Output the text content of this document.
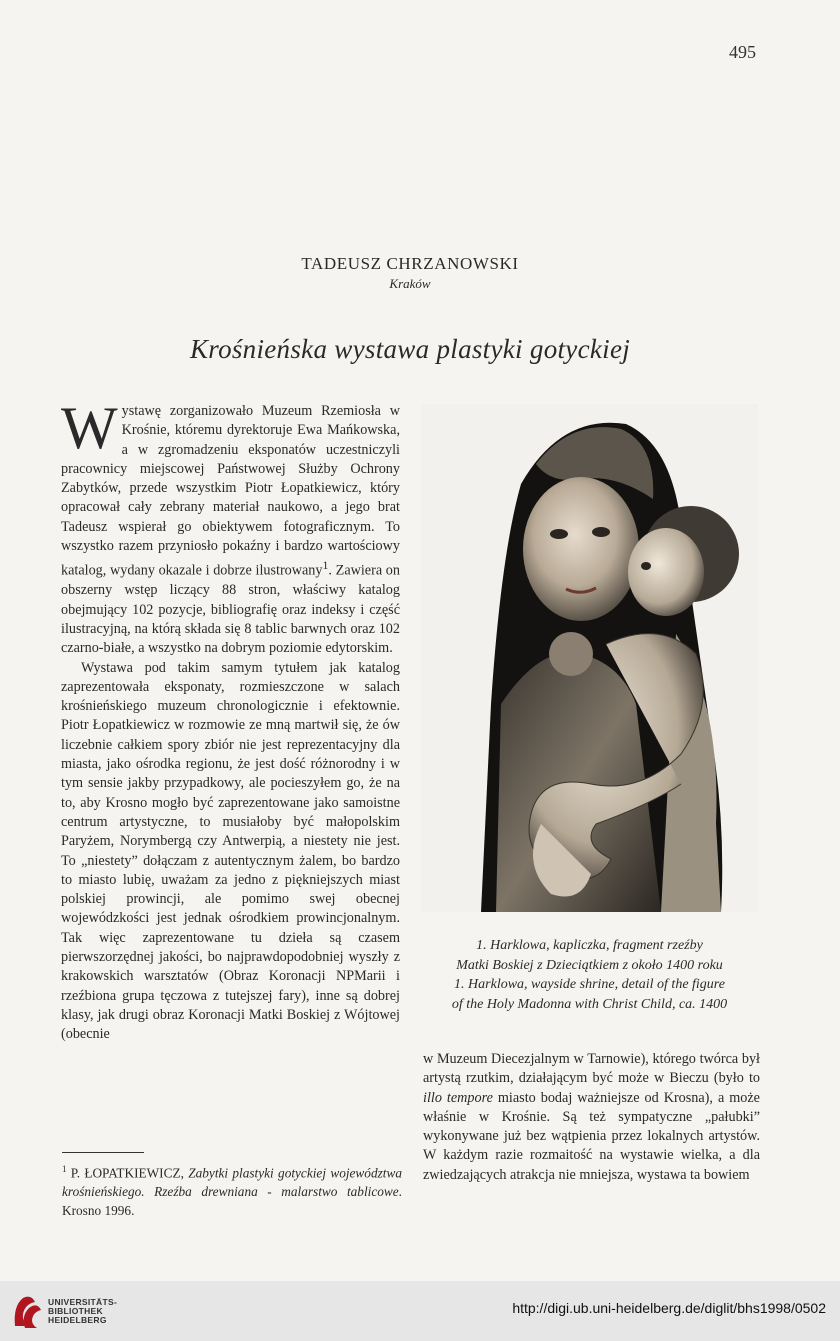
495
TADEUSZ CHRZANOWSKI
Kraków
Krośnieńska wystawa plastyki gotyckiej

Wystawę zorganizowało Muzeum Rzemiosła w Krośnie, któremu dyrektoruje Ewa Mańkowska, a w zgromadzeniu eksponatów uczestniczyli pracownicy miejscowej Państwowej Służby Ochrony Zabytków, przede wszystkim Piotr Łopatkiewicz, który opracował cały zebrany materiał naukowo, a jego brat Tadeusz wspierał go obiektywem fotograficznym. To wszystko razem przyniosło pokaźny i bardzo wartościowy katalog, wydany okazale i dobrze ilustrowany$^1$. Zawiera on obszerny wstęp liczący 88 stron, właściwy katalog obejmujący 102 pozycje, bibliografię oraz indeksy i część ilustracyjną, na którą składa się 8 tablic barwnych oraz 102 czarno-białe, a wszystko na dobrym poziomie edytorskim.

Wystawa pod takim samym tytułem jak katalog zaprezentowała eksponaty, rozmieszczone w salach krośnieńskiego muzeum chronologicznie i efektownie. Piotr Łopatkiewicz w rozmowie ze mną martwił się, że ów liczebnie całkiem spory zbiór nie jest reprezentacyjny dla miasta, jako ośrodka regionu, że jest dość różnorodny i w tym sensie jakby przypadkowy, ale pocieszyłem go, że na to, aby Krosno mogło być zaprezentowane jako samoistne centrum artystyczne, to musiałoby być małopolskim Paryżem, Norymbergą czy Antwerpią, a niestety nie jest. To „niestety” dołączam z autentycznym żalem, bo bardzo to miasto lubię, uważam za jedno z piękniejszych miast polskiej prowincji, ale pomimo swej obecnej wojewódzkości jest jednak ośrodkiem prowincjonalnym. Tak więc zaprezentowane tu dzieła są czasem pierwszorzędnej jakości, bo najprawdopodobniej wyszły z krakowskich warsztatów (Obraz Koronacji NPMarii i rzeźbiona grupa tęczowa z tutejszej fary), inne są dobrej klasy, jak drugi obraz Koronacji Matki Boskiej z Wójtowej (obecnie

1. Harklowa, kapliczka, fragment rzeźby
Matki Boskiej z Dzieciątkiem z około 1400 roku
1. Harklowa, wayside shrine, detail of the figure
of the Holy Madonna with Christ Child, ca. 1400

w Muzeum Diecezjalnym w Tarnowie), którego twórca był artystą rzutkim, działającym być może w Bieczu (było to illo tempore miasto bodaj ważniejsze od Krosna), a może właśnie w Krośnie. Są też sympatyczne „pałubki” wykonywane już bez wątpienia przez lokalnych artystów. W każdym razie rozmaitość na wystawie wielka, a dla zwiedzających atrakcja nie mniejsza, wystawa ta bowiem

$^1$ P. ŁOPATKIEWICZ, Zabytki plastyki gotyckiej województwa krośnieńskiego. Rzeźba drewniana - malarstwo tablicowe. Krosno 1996.
UNIVERSITÄTS-
BIBLIOTHEK
HEIDELBERG
http://digi.ub.uni-heidelberg.de/diglit/bhs1998/0502
